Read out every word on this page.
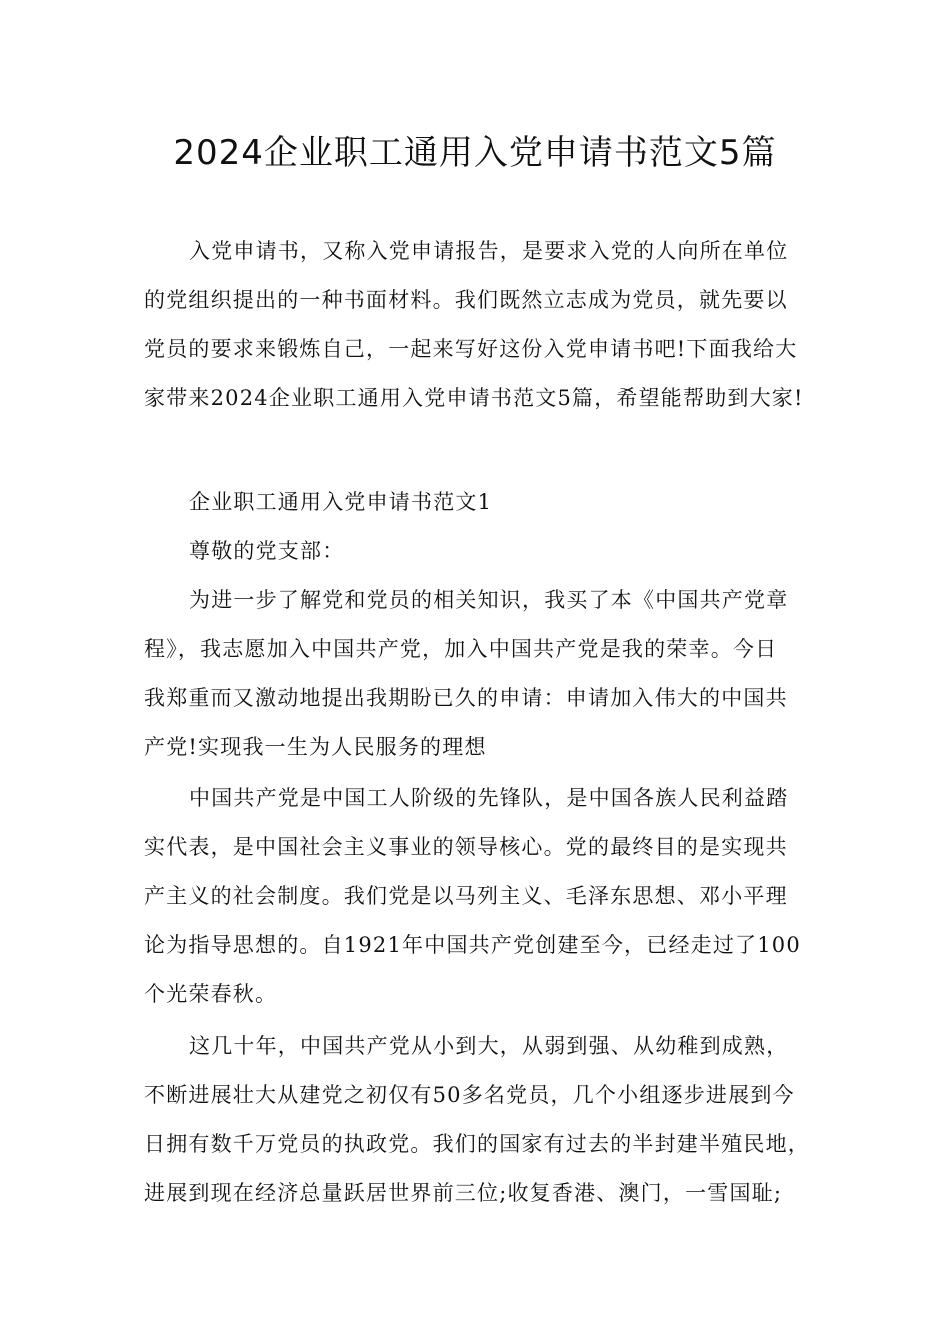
2024企业职工通用入党申请书范文5篇
入党申请书，又称入党申请报告，是要求入党的人向所在单位
的党组织提出的一种书面材料。我们既然立志成为党员，就先要以
党员的要求来锻炼自己，一起来写好这份入党申请书吧!下面我给大
家带来2024企业职工通用入党申请书范文5篇，希望能帮助到大家!
企业职工通用入党申请书范文1
尊敬的党支部：
为进一步了解党和党员的相关知识，我买了本《中国共产党章
程》，我志愿加入中国共产党，加入中国共产党是我的荣幸。今日
我郑重而又激动地提出我期盼已久的申请：申请加入伟大的中国共
产党!实现我一生为人民服务的理想
中国共产党是中国工人阶级的先锋队，是中国各族人民利益踏
实代表，是中国社会主义事业的领导核心。党的最终目的是实现共
产主义的社会制度。我们党是以马列主义、毛泽东思想、邓小平理
论为指导思想的。自1921年中国共产党创建至今，已经走过了100
个光荣春秋。
这几十年，中国共产党从小到大，从弱到强、从幼稚到成熟，
不断进展壮大从建党之初仅有50多名党员，几个小组逐步进展到今
日拥有数千万党员的执政党。我们的国家有过去的半封建半殖民地，
进展到现在经济总量跃居世界前三位;收复香港、澳门，一雪国耻;
